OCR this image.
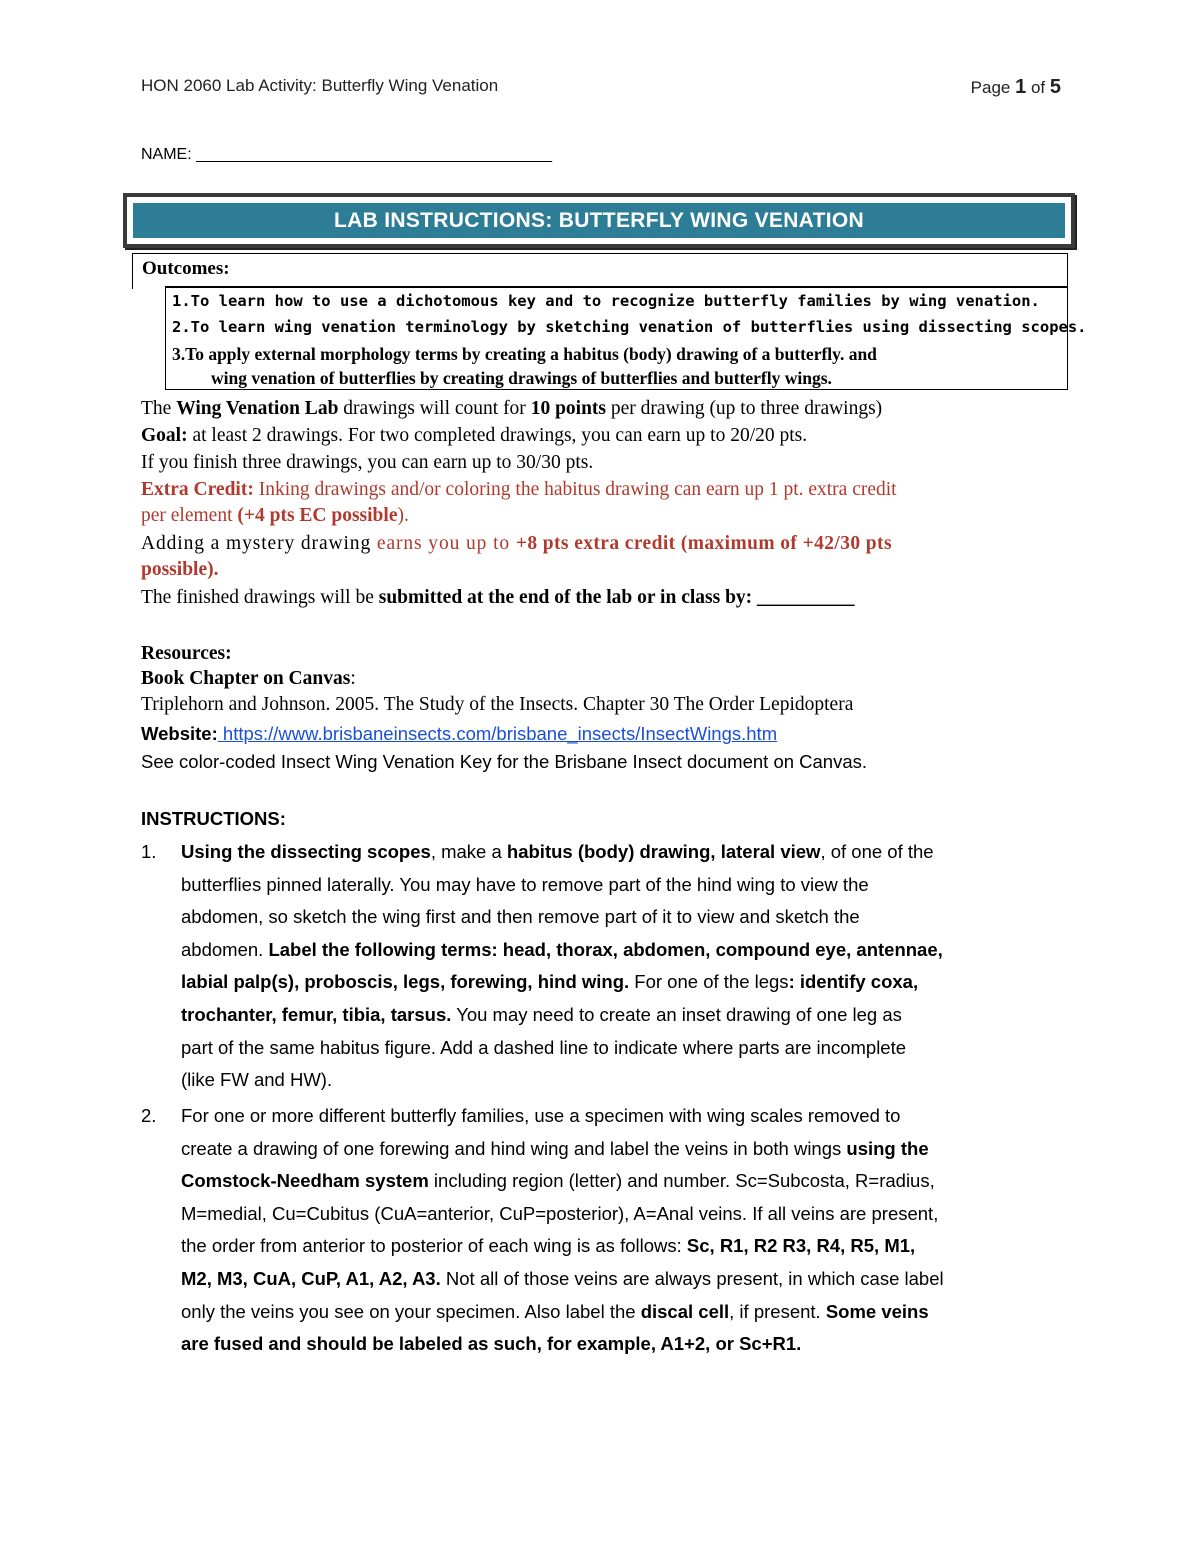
HON 2060 Lab Activity: Butterfly Wing Venation	Page 1 of 5
NAME: ________________________________________
LAB INSTRUCTIONS: BUTTERFLY WING VENATION
Outcomes:
1.To learn how to use a dichotomous key and to recognize butterfly families by wing venation.
2.To learn wing venation terminology by sketching venation of butterflies using dissecting scopes.
3.To apply external morphology terms by creating a habitus (body) drawing of a butterfly. and
wing venation of butterflies by creating drawings of butterflies and butterfly wings.
The Wing Venation Lab drawings will count for 10 points per drawing (up to three drawings)
Goal: at least 2 drawings. For two completed drawings, you can earn up to 20/20 pts.
If you finish three drawings, you can earn up to 30/30 pts.
Extra Credit: Inking drawings and/or coloring the habitus drawing can earn up 1 pt. extra credit
per element (+4 pts EC possible).
Adding a mystery drawing earns you up to +8 pts extra credit (maximum of +42/30 pts
possible).
The finished drawings will be submitted at the end of the lab or in class by: __________
Resources:
Book Chapter on Canvas:
Triplehorn and Johnson. 2005. The Study of the Insects. Chapter 30 The Order Lepidoptera
Website: https://www.brisbaneinsects.com/brisbane_insects/InsectWings.htm
See color-coded Insect Wing Venation Key for the Brisbane Insect document on Canvas.
INSTRUCTIONS:
1. Using the dissecting scopes, make a habitus (body) drawing, lateral view, of one of the
butterflies pinned laterally. You may have to remove part of the hind wing to view the
abdomen, so sketch the wing first and then remove part of it to view and sketch the
abdomen. Label the following terms: head, thorax, abdomen, compound eye, antennae,
labial palp(s), proboscis, legs, forewing, hind wing. For one of the legs: identify coxa,
trochanter, femur, tibia, tarsus. You may need to create an inset drawing of one leg as
part of the same habitus figure. Add a dashed line to indicate where parts are incomplete
(like FW and HW).
2. For one or more different butterfly families, use a specimen with wing scales removed to
create a drawing of one forewing and hind wing and label the veins in both wings using the
Comstock-Needham system including region (letter) and number. Sc=Subcosta, R=radius,
M=medial, Cu=Cubitus (CuA=anterior, CuP=posterior), A=Anal veins. If all veins are present,
the order from anterior to posterior of each wing is as follows: Sc, R1, R2 R3, R4, R5, M1,
M2, M3, CuA, CuP, A1, A2, A3. Not all of those veins are always present, in which case label
only the veins you see on your specimen. Also label the discal cell, if present. Some veins
are fused and should be labeled as such, for example, A1+2, or Sc+R1.
